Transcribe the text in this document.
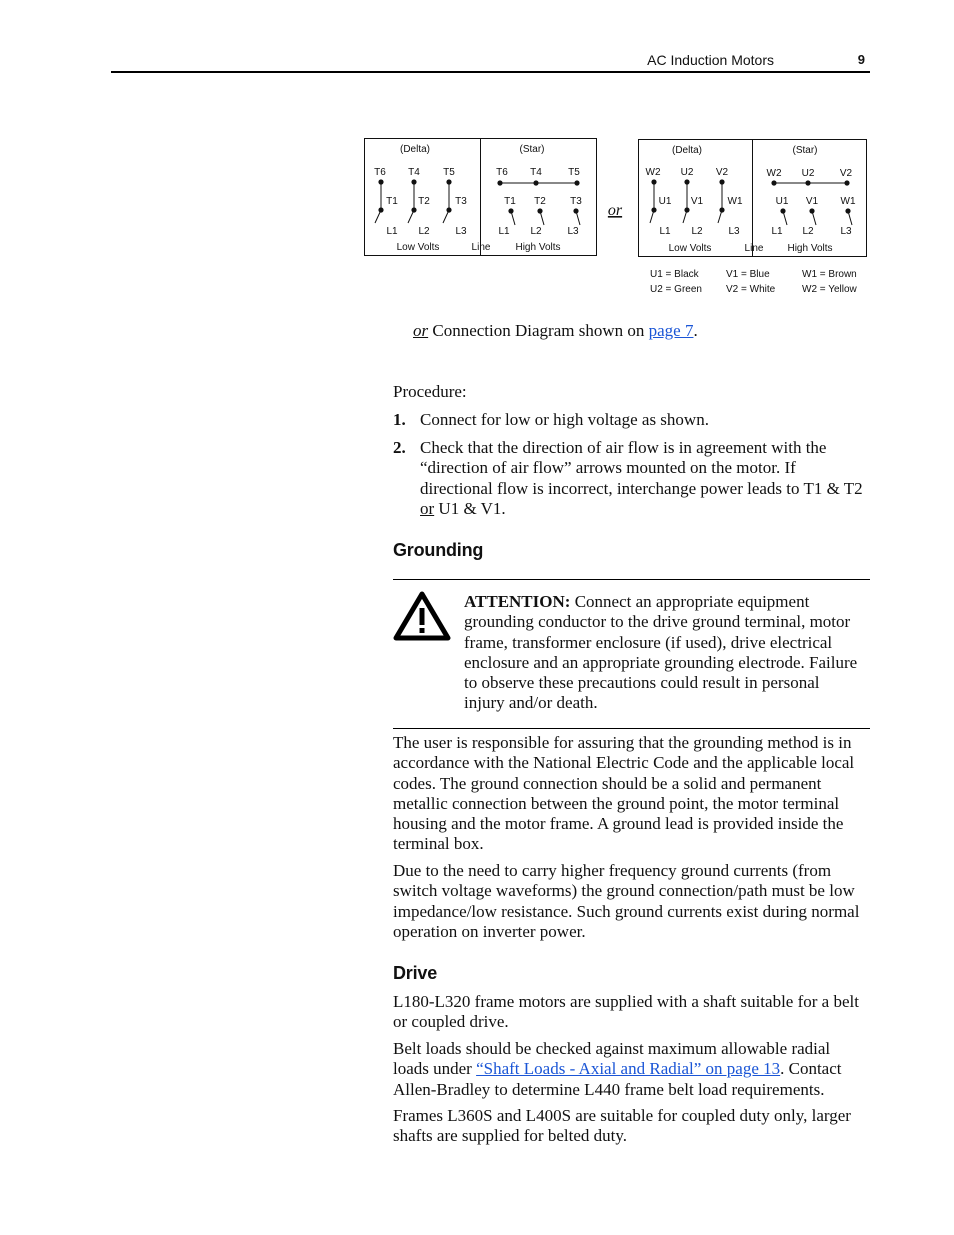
AC Induction Motors	9
(Delta)	(Star)
T6 T4 T5
T1 T2	T3
T6 T4	T5
T1 T2 T3
L1 L2	L3	L1 L2	L3
Low Volts	Line	High Volts
or
(Delta)	(Star)
W2 U2 V2
U1 V1 W1
W2 U2	V2
U1 V1 W1
L1 L2	L3	L1 L2	L3
Low Volts	Line High Volts
U1 = Black	V1 = Blue	W1 = Brown
U2 = Green V2 = White	W2 = Yellow
or Connection Diagram shown on page 7.
Procedure:
1. Connect for low or high voltage as shown.
2. Check that the direction of air flow is in agreement with the “direction of air flow” arrows mounted on the motor. If directional flow is incorrect, interchange power leads to T1 & T2 or U1 & V1.
Grounding
ATTENTION: Connect an appropriate equipment grounding conductor to the drive ground terminal, motor frame, transformer enclosure (if used), drive electrical enclosure and an appropriate grounding electrode. Failure to observe these precautions could result in personal injury and/or death.
The user is responsible for assuring that the grounding method is in accordance with the National Electric Code and the applicable local codes. The ground connection should be a solid and permanent metallic connection between the ground point, the motor terminal housing and the motor frame. A ground lead is provided inside the terminal box.
Due to the need to carry higher frequency ground currents (from switch voltage waveforms) the ground connection/path must be low impedance/low resistance. Such ground currents exist during normal operation on inverter power.
Drive
L180-L320 frame motors are supplied with a shaft suitable for a belt or coupled drive.
Belt loads should be checked against maximum allowable radial loads under “Shaft Loads - Axial and Radial” on page 13. Contact Allen-Bradley to determine L440 frame belt load requirements.
Frames L360S and L400S are suitable for coupled duty only, larger shafts are supplied for belted duty.
